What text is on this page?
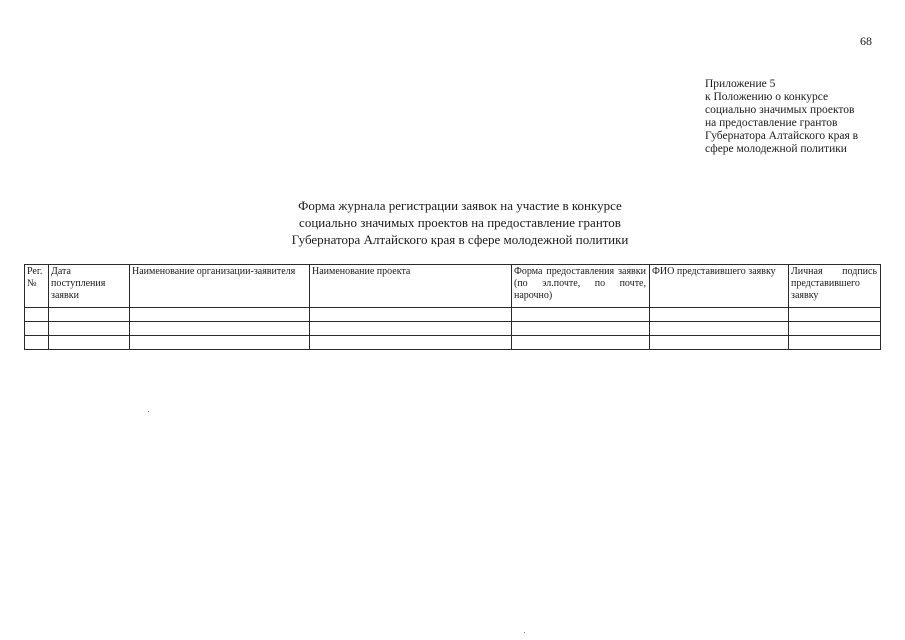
68
Приложение 5
к Положению о конкурсе
социально значимых проектов
на предоставление грантов
Губернатора Алтайского края в
сфере молодежной политики
Форма журнала регистрации заявок на участие в конкурсе
социально значимых проектов на предоставление грантов
Губернатора Алтайского края в сфере молодежной политики
Рег. №	Дата поступления заявки	Наименование организации-заявителя	Наименование проекта	Форма предоставления заявки (по эл.почте, по почте, нарочно)	ФИО представившего заявку	Личная подпись представившего заявку
